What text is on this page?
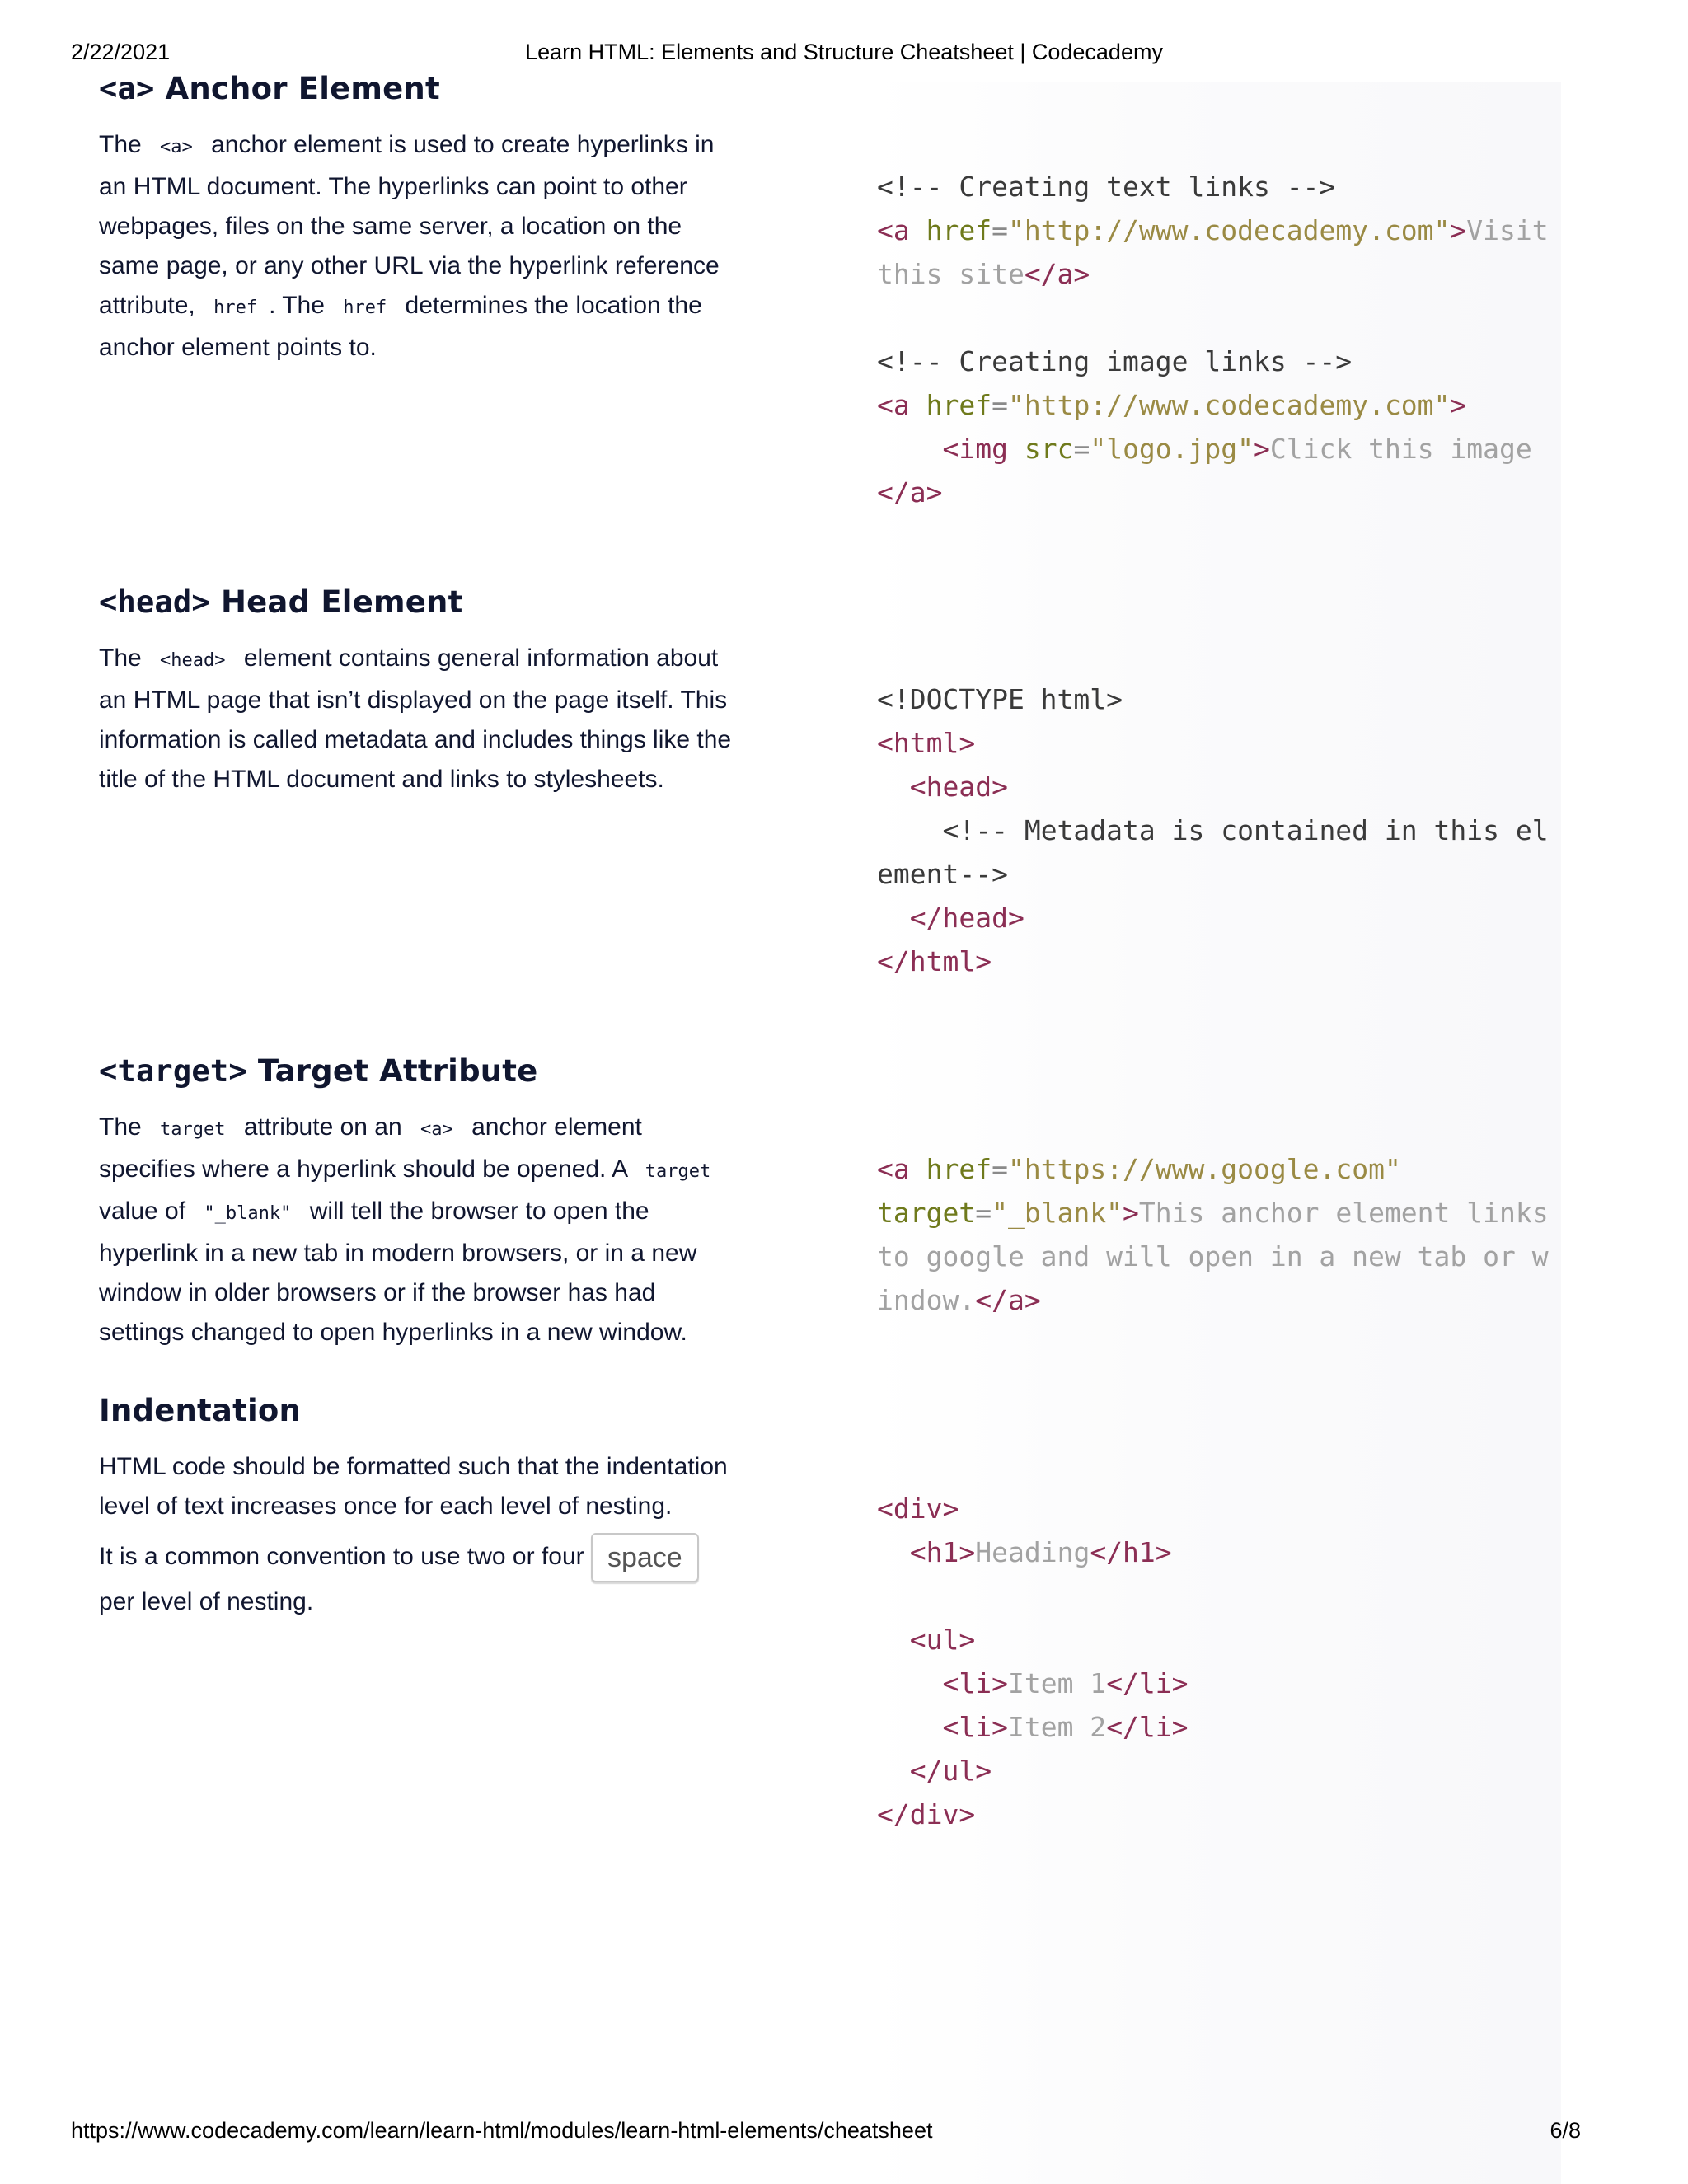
2/22/2021	Learn HTML: Elements and Structure Cheatsheet | Codecademy
<a> Anchor Element

The <a> anchor element is used to create hyperlinks in an HTML document. The hyperlinks can point to other webpages, files on the same server, a location on the same page, or any other URL via the hyperlink reference attribute, href . The href determines the location the anchor element points to.

<!-- Creating text links -->
<a href="http://www.codecademy.com">Visit this site</a>

<!-- Creating image links -->
<a href="http://www.codecademy.com">
<img src="logo.jpg">Click this image
</a>
<head> Head Element

The <head> element contains general information about an HTML page that isn’t displayed on the page itself. This information is called metadata and includes things like the title of the HTML document and links to stylesheets.

<!DOCTYPE html>
<html>
<head>
<!-- Metadata is contained in this element-->
</head>
</html>
<target> Target Attribute

The target attribute on an <a> anchor element specifies where a hyperlink should be opened. A target value of "_blank" will tell the browser to open the hyperlink in a new tab in modern browsers, or in a new window in older browsers or if the browser has had settings changed to open hyperlinks in a new window.

<a href="https://www.google.com"
target="_blank">This anchor element links to google and will open in a new tab or window.</a>
Indentation

HTML code should be formatted such that the indentation level of text increases once for each level of nesting.

It is a common convention to use two or four space
per level of nesting.

<div>
<h1>Heading</h1>

<ul>
<li>Item 1</li>
<li>Item 2</li>
</ul>
</div>
https://www.codecademy.com/learn/learn-html/modules/learn-html-elements/cheatsheet	6/8
